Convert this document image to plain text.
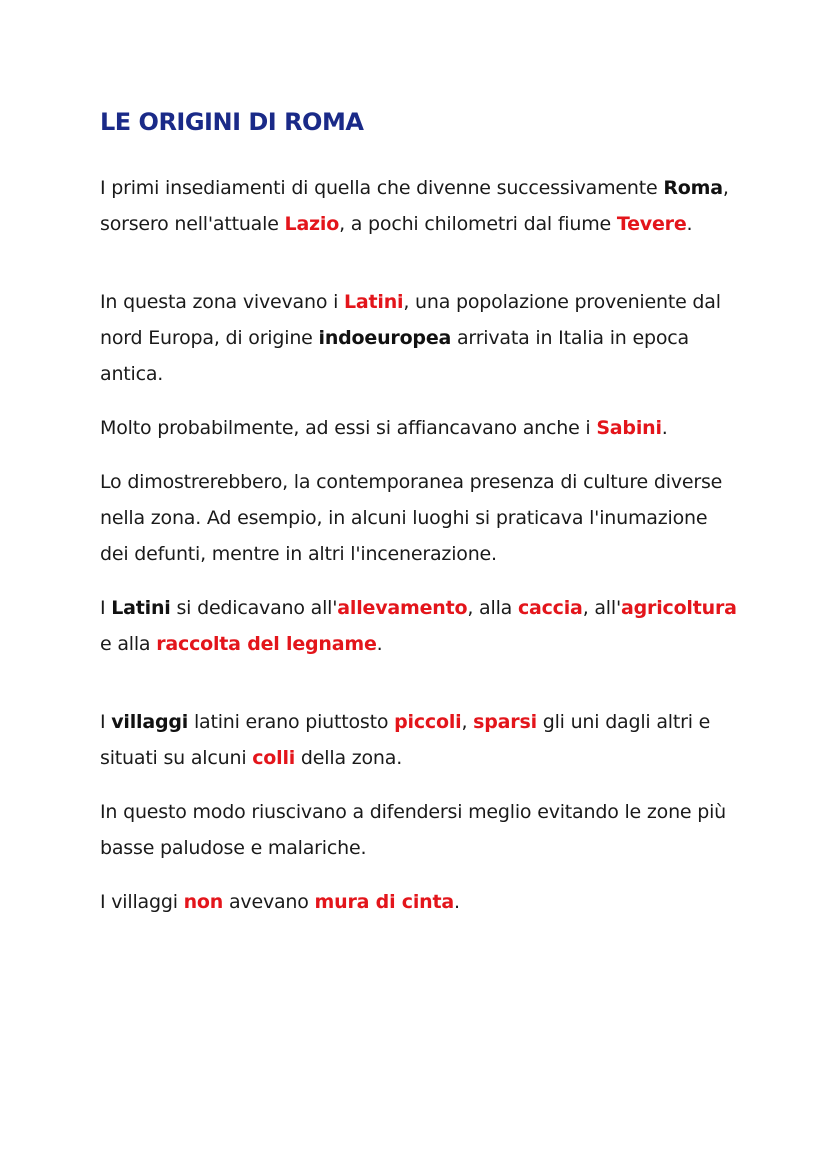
LE ORIGINI DI ROMA

I primi insediamenti di quella che divenne successivamente Roma, sorsero nell'attuale Lazio, a pochi chilometri dal fiume Tevere.

In questa zona vivevano i Latini, una popolazione proveniente dal nord Europa, di origine indoeuropea arrivata in Italia in epoca antica.

Molto probabilmente, ad essi si affiancavano anche i Sabini.

Lo dimostrerebbero, la contemporanea presenza di culture diverse nella zona. Ad esempio, in alcuni luoghi si praticava l'inumazione dei defunti, mentre in altri l'incenerazione.

I Latini si dedicavano all'allevamento, alla caccia, all'agricoltura e alla raccolta del legname.

I villaggi latini erano piuttosto piccoli, sparsi gli uni dagli altri e situati su alcuni colli della zona.

In questo modo riuscivano a difendersi meglio evitando le zone più basse paludose e malariche.

I villaggi non avevano mura di cinta.
